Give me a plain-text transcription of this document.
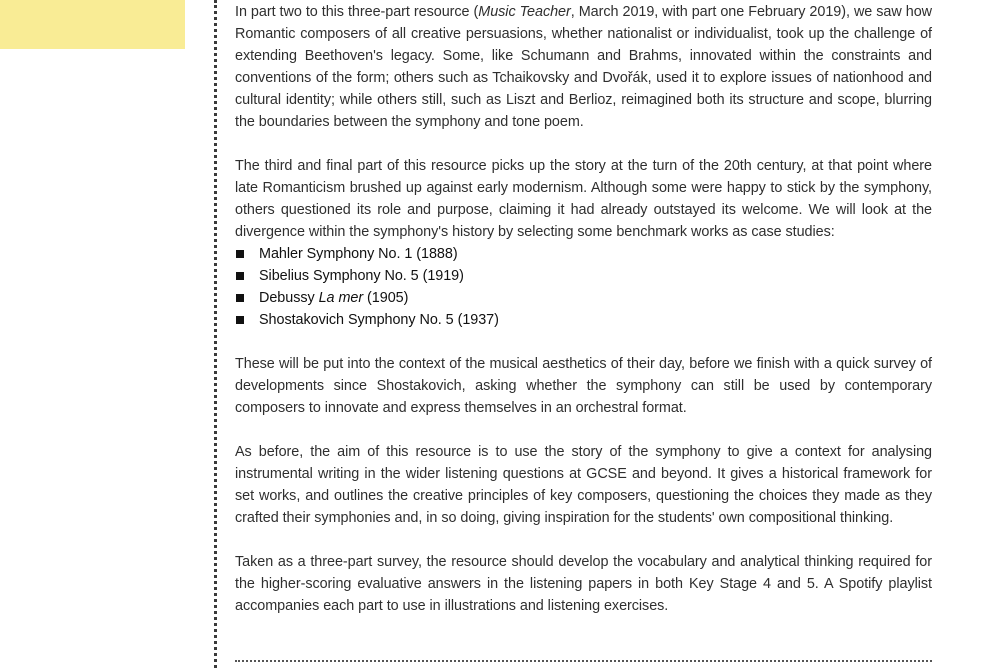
In part two to this three-part resource (Music Teacher, March 2019, with part one February 2019), we saw how Romantic composers of all creative persuasions, whether nationalist or individualist, took up the challenge of extending Beethoven's legacy. Some, like Schumann and Brahms, innovated within the constraints and conventions of the form; others such as Tchaikovsky and Dvořák, used it to explore issues of nationhood and cultural identity; while others still, such as Liszt and Berlioz, reimagined both its structure and scope, blurring the boundaries between the symphony and tone poem.

The third and final part of this resource picks up the story at the turn of the 20th century, at that point where late Romanticism brushed up against early modernism. Although some were happy to stick by the symphony, others questioned its role and purpose, claiming it had already outstayed its welcome. We will look at the divergence within the symphony's history by selecting some benchmark works as case studies:

Mahler Symphony No. 1 (1888)
Sibelius Symphony No. 5 (1919)
Debussy La mer (1905)
Shostakovich Symphony No. 5 (1937)

These will be put into the context of the musical aesthetics of their day, before we finish with a quick survey of developments since Shostakovich, asking whether the symphony can still be used by contemporary composers to innovate and express themselves in an orchestral format.

As before, the aim of this resource is to use the story of the symphony to give a context for analysing instrumental writing in the wider listening questions at GCSE and beyond. It gives a historical framework for set works, and outlines the creative principles of key composers, questioning the choices they made as they crafted their symphonies and, in so doing, giving inspiration for the students' own compositional thinking.

Taken as a three-part survey, the resource should develop the vocabulary and analytical thinking required for the higher-scoring evaluative answers in the listening papers in both Key Stage 4 and 5. A Spotify playlist accompanies each part to use in illustrations and listening exercises.
